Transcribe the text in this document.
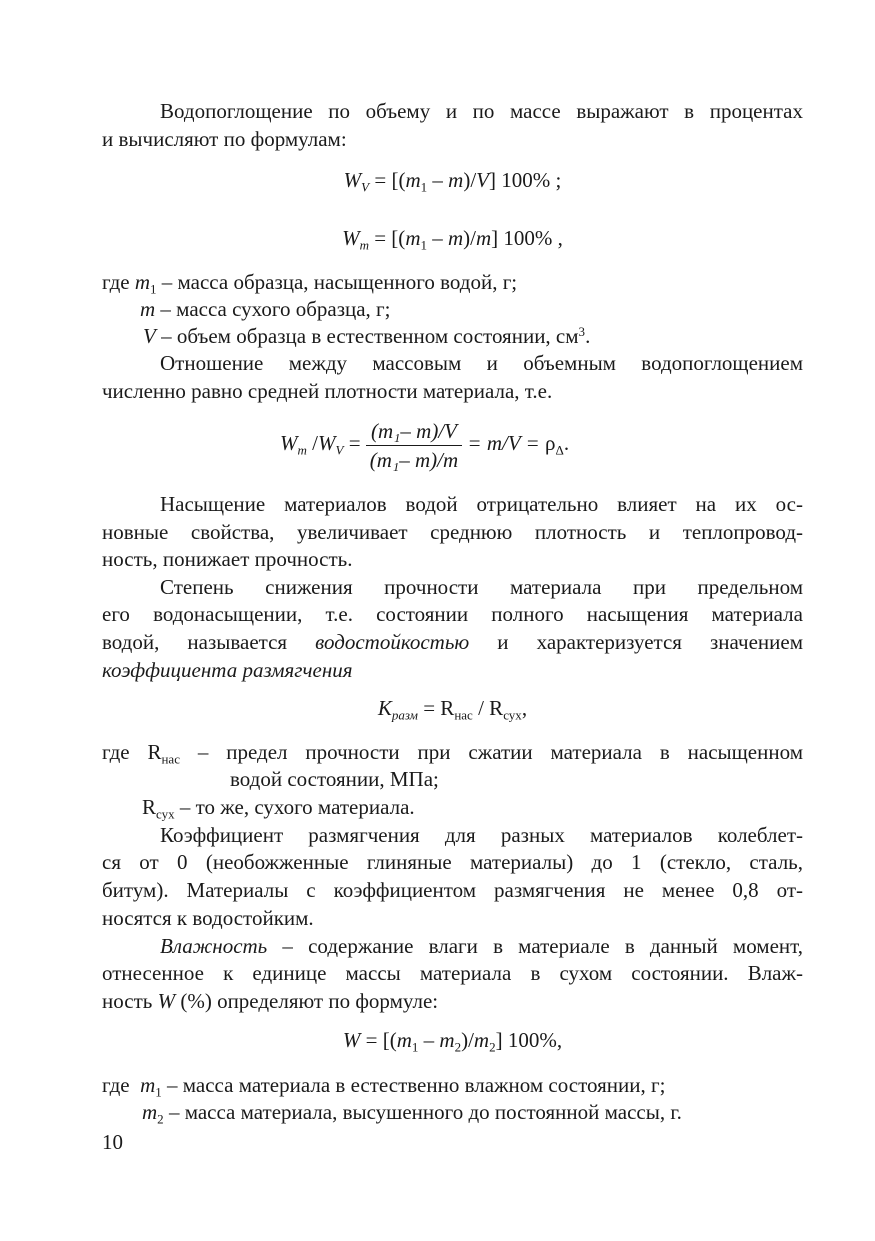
Водопоглощение по объему и по массе выражают в процентах
и вычисляют по формулам:
$W_V = [(m_1 - m)/V]$ 100% ;
$W_m = [(m_1 - m)/m]$ 100% ,
где $m_1$ – масса образца, насыщенного водой, г;
m – масса сухого образца, г;
V – объем образца в естественном состоянии, $см^3$.
Отношение между массовым и объемным водопоглощением
численно равно средней плотности материала, т.е.
$W_m$ $/W_V = \frac{\text{(m₁– m)/V}}{\text{(m₁– m)/m}} = m/V = \rho_\Delta$.
Насыщение материалов водой отрицательно влияет на их ос-
новные свойства, увеличивает среднюю плотность и теплопровод-
ность, понижает прочность.
Степень снижения прочности материала при предельном
его водонасыщении, т.е. состоянии полного насыщения материала
водой, называется водостойкостью и характеризуется значением
коэффициента размягчения
$К_{разм} = R_{нас} / R_{сух}$,
где $R_{нас}$ – предел прочности при сжатии материала в насыщенном
водой состоянии, МПа;
$R_{сух}$ – то же, сухого материала.
Коэффициент размягчения для разных материалов колеблет-
ся от 0 (необожженные глиняные материалы) до 1 (стекло, сталь,
битум). Материалы с коэффициентом размягчения не менее 0,8 от-
носятся к водостойким.
Влажность – содержание влаги в материале в данный момент,
отнесенное к единице массы материала в сухом состоянии. Влаж-
ность W (%) определяют по формуле:
$W = [(m_1 - m_2)/m_2]$ 100%,
где  $m_1$ – масса материала в естественно влажном состоянии, г;
$m_2$ – масса материала, высушенного до постоянной массы, г.
10
